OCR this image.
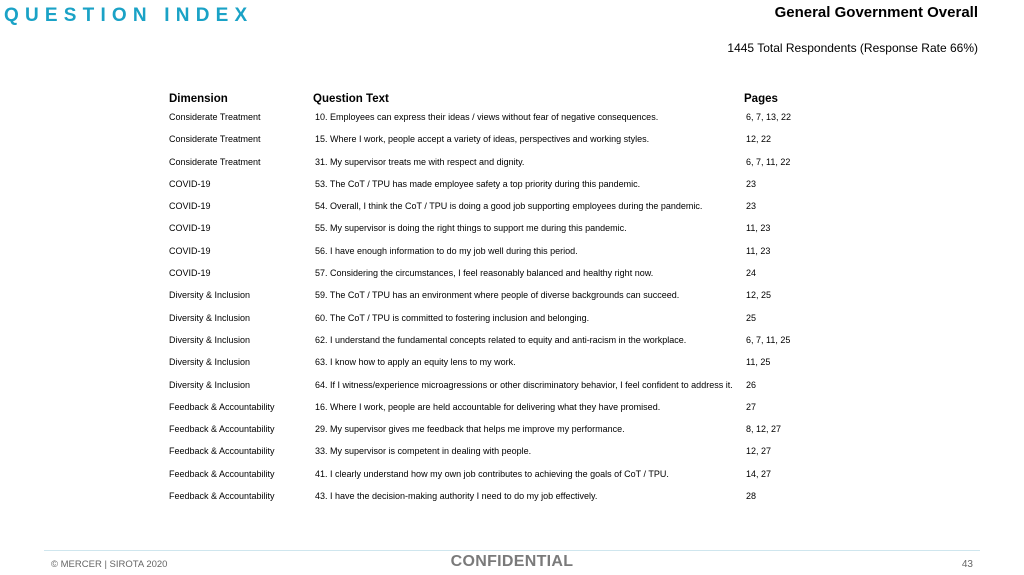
QUESTION INDEX	General Government Overall
1445 Total Respondents (Response Rate 66%)
Dimension	Question Text	Pages
Considerate Treatment	10. Employees can express their ideas / views without fear of negative consequences.	6, 7, 13, 22
Considerate Treatment	15. Where I work, people accept a variety of ideas, perspectives and working styles.	12, 22
Considerate Treatment	31. My supervisor treats me with respect and dignity.	6, 7, 11, 22
COVID-19	53. The CoT / TPU has made employee safety a top priority during this pandemic.	23
COVID-19	54. Overall, I think the CoT / TPU is doing a good job supporting employees during the pandemic.	23
COVID-19	55. My supervisor is doing the right things to support me during this pandemic.	11, 23
COVID-19	56. I have enough information to do my job well during this period.	11, 23
COVID-19	57. Considering the circumstances, I feel reasonably balanced and healthy right now.	24
Diversity & Inclusion	59. The CoT / TPU has an environment where people of diverse backgrounds can succeed.	12, 25
Diversity & Inclusion	60. The CoT / TPU is committed to fostering inclusion and belonging.	25
Diversity & Inclusion	62. I understand the fundamental concepts related to equity and anti-racism in the workplace.	6, 7, 11, 25
Diversity & Inclusion	63. I know how to apply an equity lens to my work.	11, 25
Diversity & Inclusion	64. If I witness/experience microagressions or other discriminatory behavior, I feel confident to address it. 26
Feedback & Accountability	16. Where I work, people are held accountable for delivering what they have promised.	27
Feedback & Accountability	29. My supervisor gives me feedback that helps me improve my performance.	8, 12, 27
Feedback & Accountability	33. My supervisor is competent in dealing with people.	12, 27
Feedback & Accountability	41. I clearly understand how my own job contributes to achieving the goals of CoT / TPU.	14, 27
Feedback & Accountability	43. I have the decision-making authority I need to do my job effectively.	28
© MERCER | SIROTA 2020	CONFIDENTIAL	43
